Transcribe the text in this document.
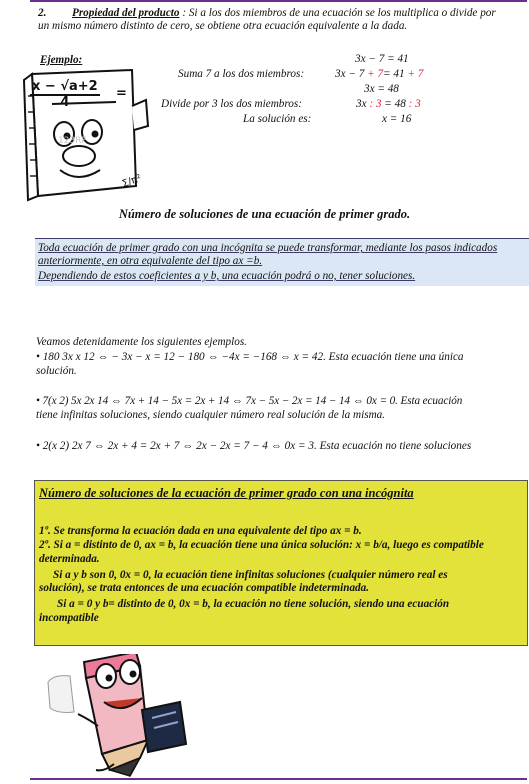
2. Propiedad del producto : Si a los dos miembros de una ecuación se los multiplica o divide por
un mismo número distinto de cero, se obtiene otra ecuación equivalente a la dada.
$\frac{x - √a+2}{4}$ =
123RF
Σ/π²
Ejemplo:
Suma 7 a los dos miembros:
Divide por 3 los dos miembros:
La solución es:
3x − 7 = 41
3x − 7 + 7= 41 + 7
3x = 48
3x : 3 = 48 : 3
x = 16
Número de soluciones de una ecuación de primer grado.
Toda ecuación de primer grado con una incógnita se puede transformar, mediante los pasos indicados
anteriormente, en otra equivalente del tipo ax =b.
Dependiendo de estos coeficientes a y b, una ecuación podrá o no, tener soluciones.
Veamos detenidamente los siguientes ejemplos.
• 180 3x x 12 ⇔ − 3x − x = 12 − 180 ⇔ −4x = −168 ⇔ x = 42. Esta ecuación tiene una única
solución.
• 7(x 2) 5x 2x 14 ⇔ 7x + 14 − 5x = 2x + 14 ⇔ 7x − 5x − 2x = 14 − 14 ⇔ 0x = 0. Esta ecuación
tiene infinitas soluciones, siendo cualquier número real solución de la misma.
• 2(x 2) 2x 7 ⇔ 2x + 4 = 2x + 7 ⇔ 2x − 2x = 7 − 4 ⇔ 0x = 3. Esta ecuación no tiene soluciones
Número de soluciones de la ecuación de primer grado con una incógnita
1º. Se transforma la ecuación dada en una equivalente del tipo ax = b.
2º. Si a = distinto de 0, ax = b, la ecuación tiene una única solución: x = b/a, luego es compatible
determinada.
Si a y b son 0, 0x = 0, la ecuación tiene infinitas soluciones (cualquier número real es
solución), se trata entonces de una ecuación compatible indeterminada.
Si a = 0 y b= distinto de 0, 0x = b, la ecuación no tiene solución, siendo una ecuación
incompatible
